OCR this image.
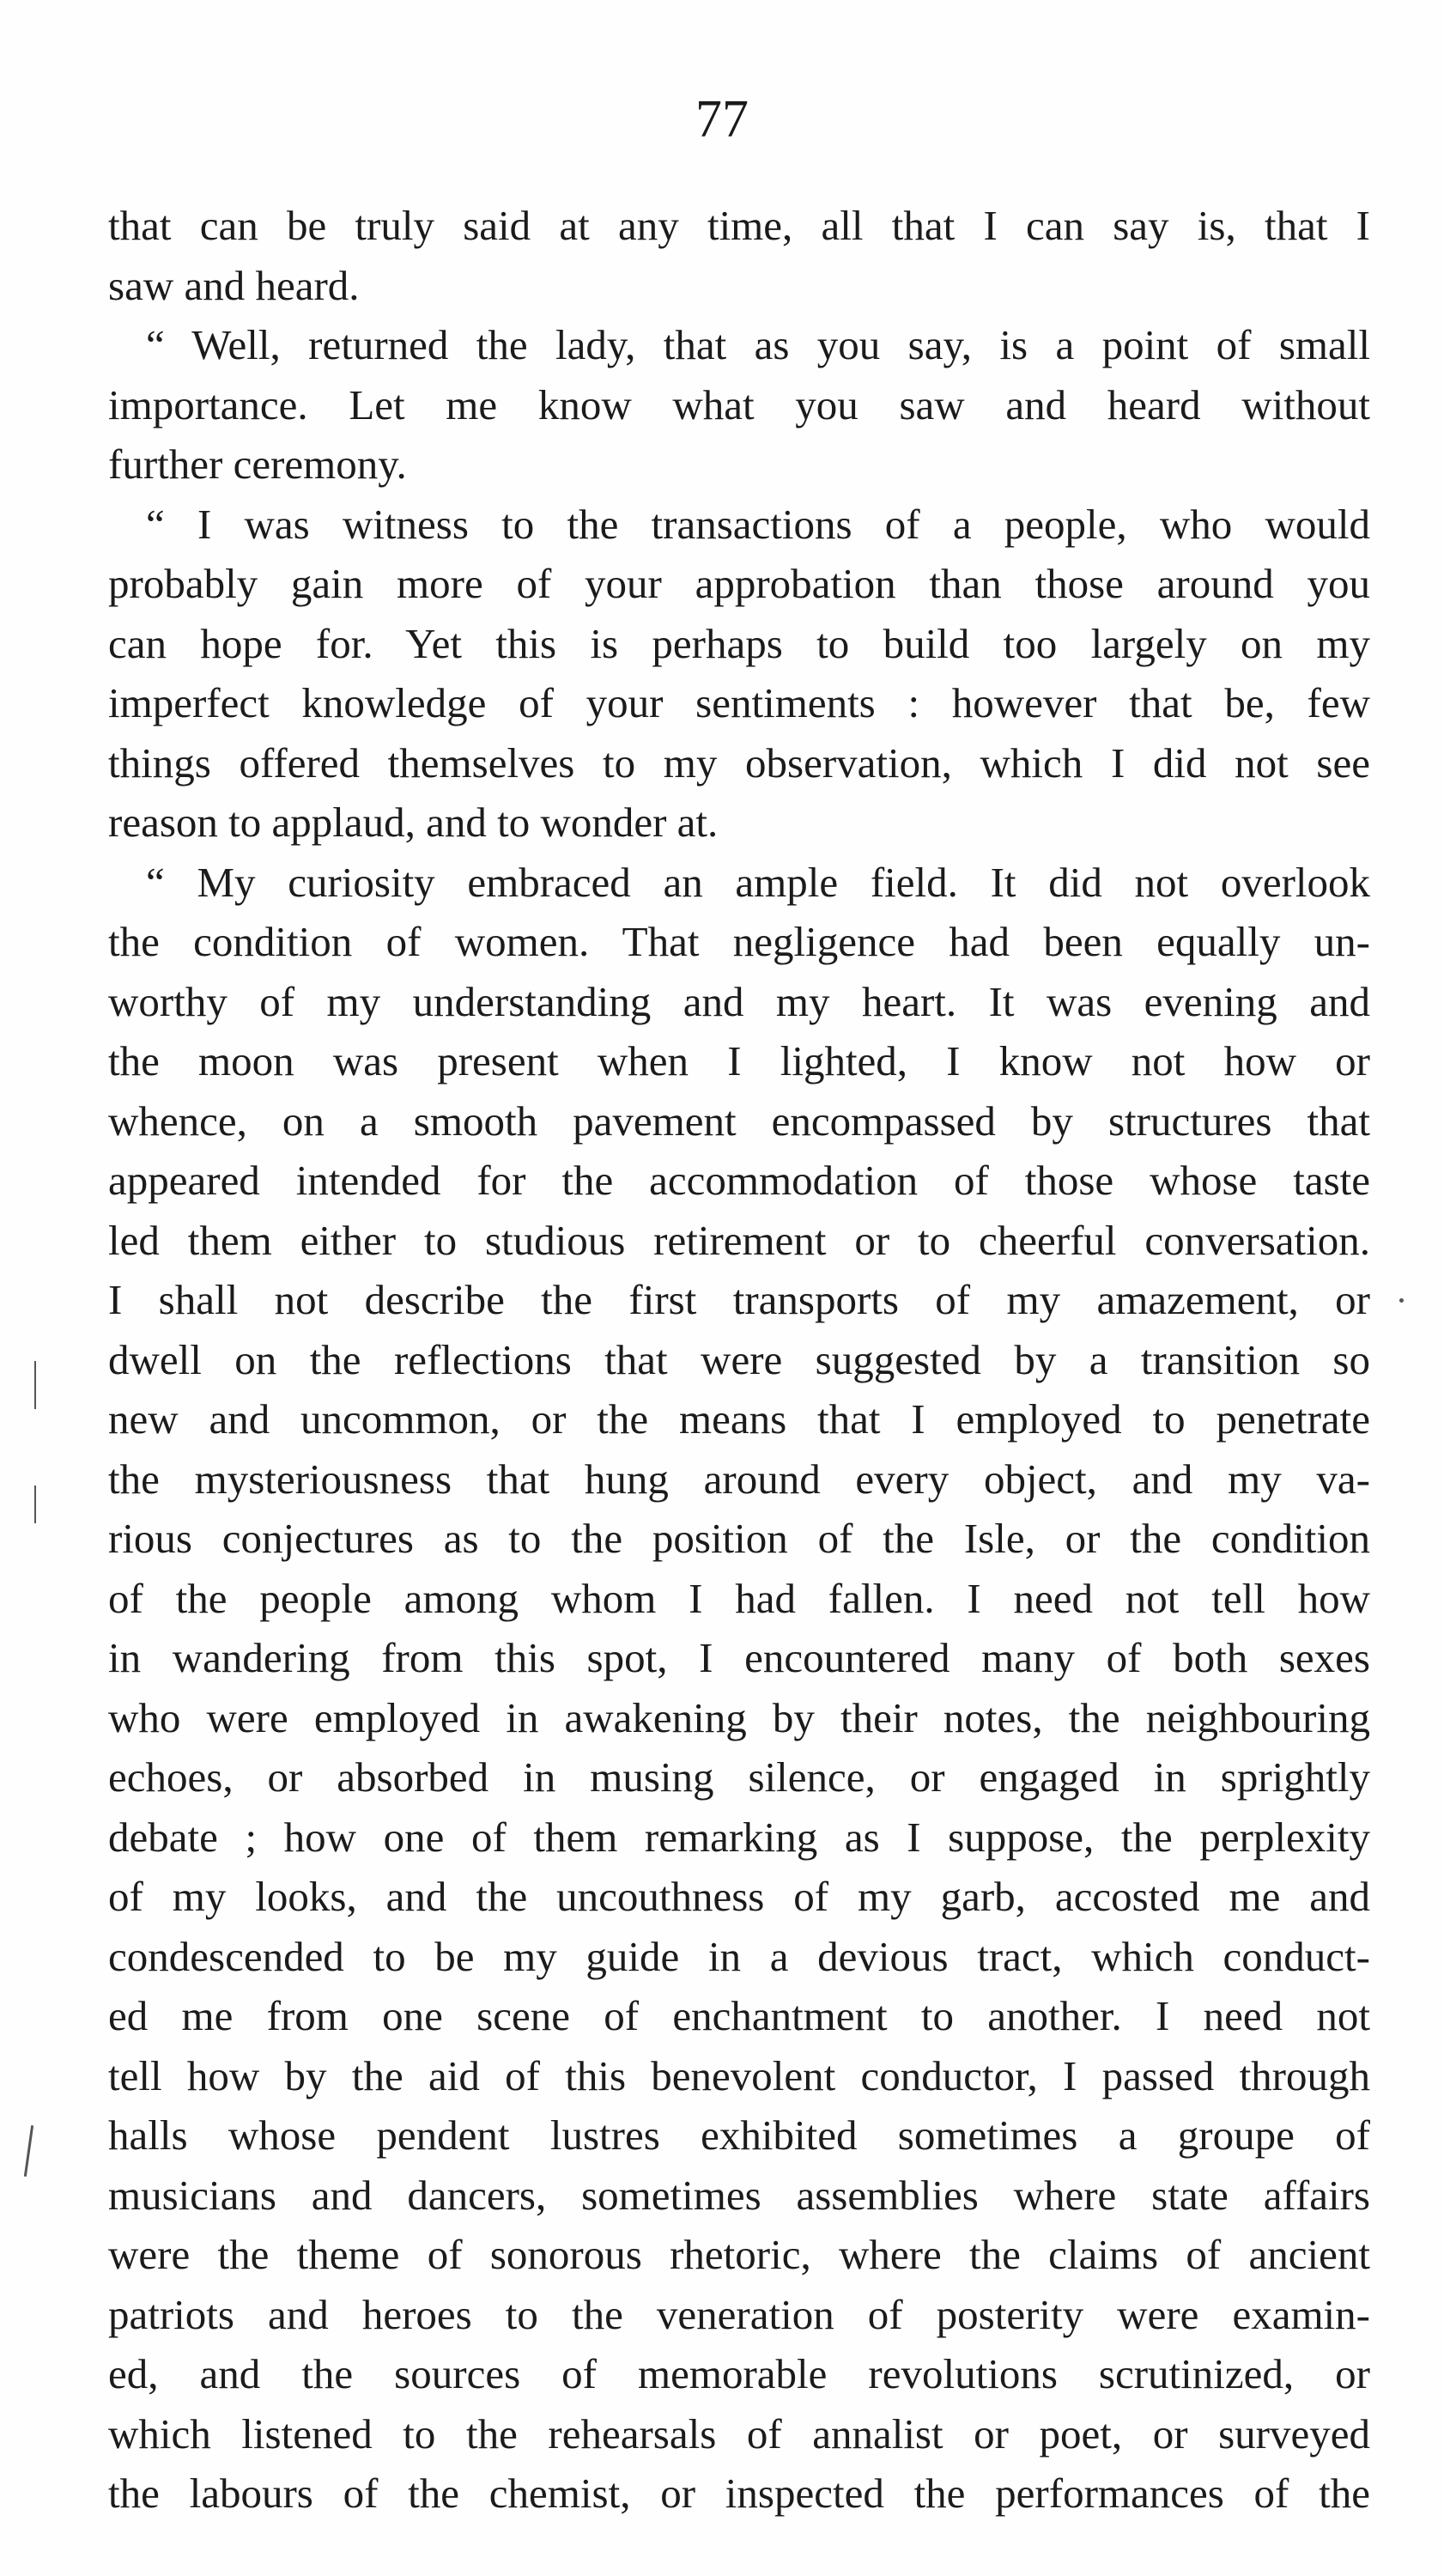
77
that can be truly said at any time, all that I can say is, that I
saw and heard.
“ Well, returned the lady, that as you say, is a point of small
importance. Let me know what you saw and heard without
further ceremony.
“ I was witness to the transactions of a people, who would
probably gain more of your approbation than those around you
can hope for. Yet this is perhaps to build too largely on my
imperfect knowledge of your sentiments : however that be, few
things offered themselves to my observation, which I did not see
reason to applaud, and to wonder at.
“ My curiosity embraced an ample field. It did not overlook
the condition of women. That negligence had been equally un-
worthy of my understanding and my heart. It was evening and
the moon was present when I lighted, I know not how or
whence, on a smooth pavement encompassed by structures that
appeared intended for the accommodation of those whose taste
led them either to studious retirement or to cheerful conversation.
I shall not describe the first transports of my amazement, or
dwell on the reflections that were suggested by a transition so
new and uncommon, or the means that I employed to penetrate
the mysteriousness that hung around every object, and my va-
rious conjectures as to the position of the Isle, or the condition
of the people among whom I had fallen. I need not tell how
in wandering from this spot, I encountered many of both sexes
who were employed in awakening by their notes, the neighbouring
echoes, or absorbed in musing silence, or engaged in sprightly
debate ; how one of them remarking as I suppose, the perplexity
of my looks, and the uncouthness of my garb, accosted me and
condescended to be my guide in a devious tract, which conduct-
ed me from one scene of enchantment to another. I need not
tell how by the aid of this benevolent conductor, I passed through
halls whose pendent lustres exhibited sometimes a groupe of
musicians and dancers, sometimes assemblies where state affairs
were the theme of sonorous rhetoric, where the claims of ancient
patriots and heroes to the veneration of posterity were examin-
ed, and the sources of memorable revolutions scrutinized, or
which listened to the rehearsals of annalist or poet, or surveyed
the labours of the chemist, or inspected the performances of the
